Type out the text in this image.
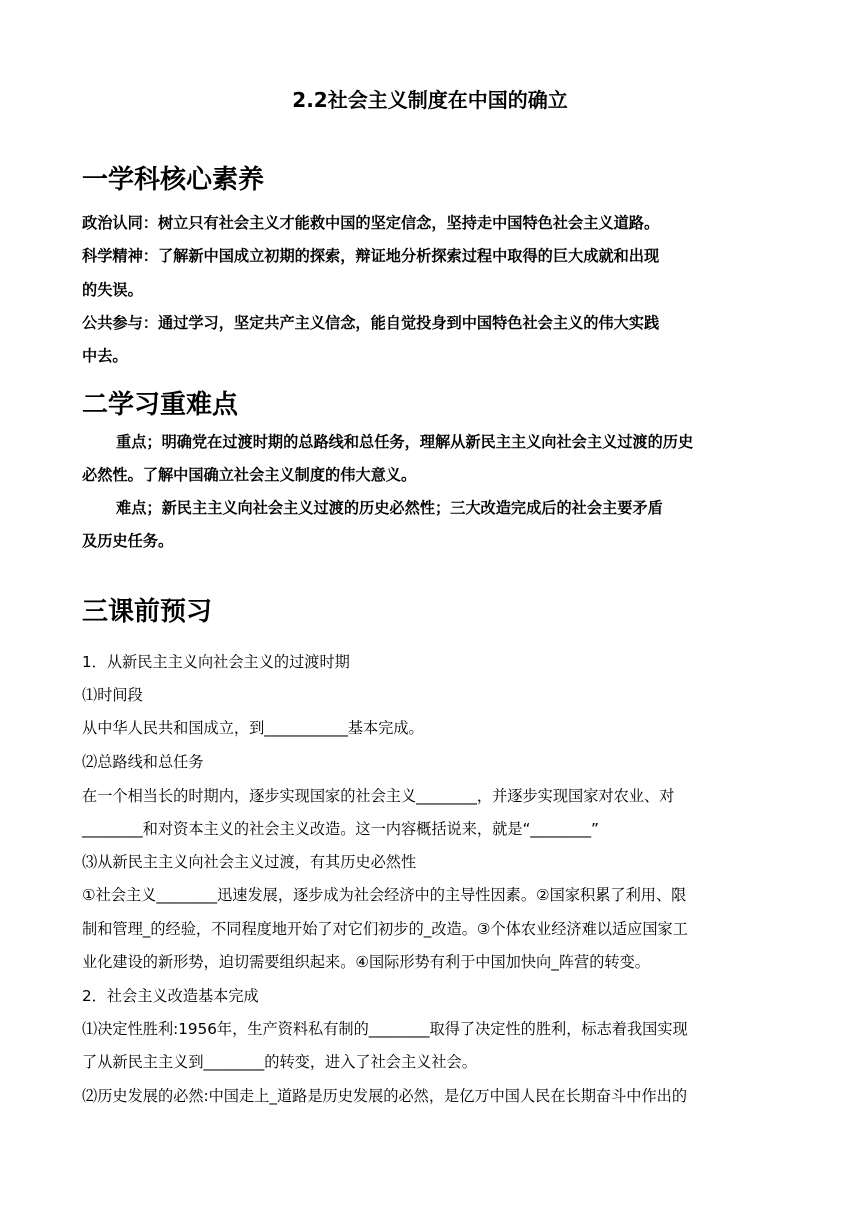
2.2社会主义制度在中国的确立
一学科核心素养
政治认同：树立只有社会主义才能救中国的坚定信念，坚持走中国特色社会主义道路。
科学精神：了解新中国成立初期的探索，辩证地分析探索过程中取得的巨大成就和出现
的失误。
公共参与：通过学习，坚定共产主义信念，能自觉投身到中国特色社会主义的伟大实践
中去。
二学习重难点
重点；明确党在过渡时期的总路线和总任务，理解从新民主主义向社会主义过渡的历史
必然性。了解中国确立社会主义制度的伟大意义。
难点；新民主主义向社会主义过渡的历史必然性；三大改造完成后的社会主要矛盾
及历史任务。
三课前预习
1．从新民主主义向社会主义的过渡时期
⑴时间段
从中华人民共和国成立，到___________基本完成。
⑵总路线和总任务
在一个相当长的时期内，逐步实现国家的社会主义________，并逐步实现国家对农业、对
________和对资本主义的社会主义改造。这一内容概括说来，就是“________”
⑶从新民主主义向社会主义过渡，有其历史必然性
①社会主义________迅速发展，逐步成为社会经济中的主导性因素。②国家积累了利用、限
制和管理_的经验，不同程度地开始了对它们初步的_改造。③个体农业经济难以适应国家工
业化建设的新形势，迫切需要组织起来。④国际形势有利于中国加快向_阵营的转变。
2．社会主义改造基本完成
⑴决定性胜利:1956年，生产资料私有制的________取得了决定性的胜利，标志着我国实现
了从新民主主义到________的转变，进入了社会主义社会。
⑵历史发展的必然:中国走上_道路是历史发展的必然，是亿万中国人民在长期奋斗中作出的
